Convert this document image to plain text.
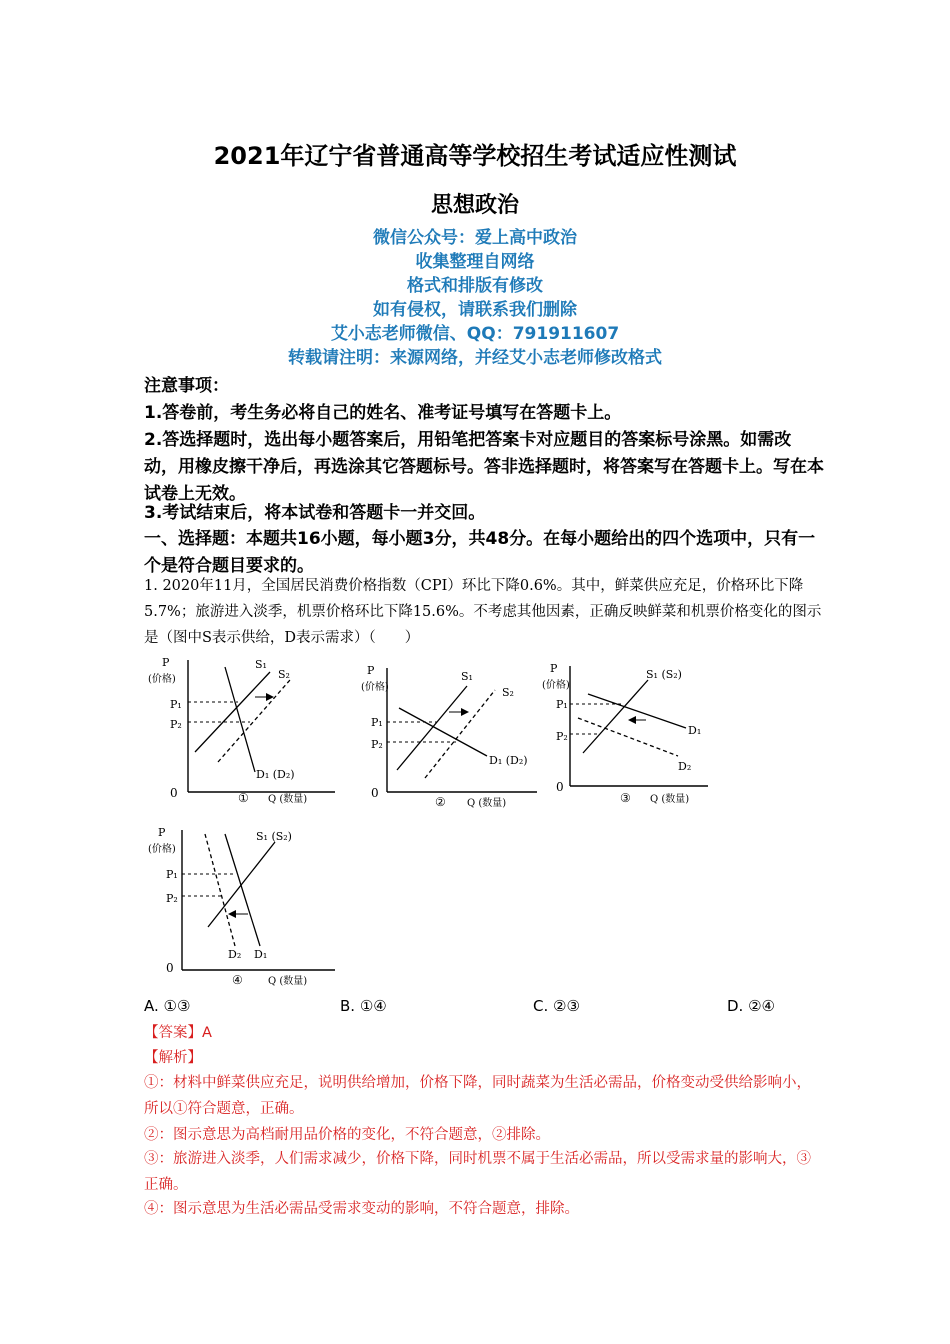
2021年辽宁省普通高等学校招生考试适应性测试
思想政治
微信公众号：爱上高中政治
收集整理自网络
格式和排版有修改
如有侵权，请联系我们删除
艾小志老师微信、QQ：791911607
转载请注明：来源网络，并经艾小志老师修改格式
注意事项：
1.答卷前，考生务必将自己的姓名、准考证号填写在答题卡上。
2.答选择题时，选出每小题答案后，用铅笔把答案卡对应题目的答案标号涂黑。如需改动，用橡皮擦干净后，再选涂其它答题标号。答非选择题时，将答案写在答题卡上。写在本试卷上无效。
3.考试结束后，将本试卷和答题卡一并交回。
一、选择题：本题共16小题，每小题3分，共48分。在每小题给出的四个选项中，只有一个是符合题目要求的。
1. 2020年11月，全国居民消费价格指数（CPI）环比下降0.6%。其中，鲜菜供应充足，价格环比下降5.7%；旅游进入淡季，机票价格环比下降15.6%。不考虑其他因素，正确反映鲜菜和机票价格变化的图示是（图中S表示供给，D表示需求）（　　）
P
(价格)
0
P₁
P₂
S₁
S₂
D₁ (D₂)
① Q (数量)
P
(价格)
0
P₁
P₂
S₁
S₂
D₁ (D₂)
② Q (数量)
P
(价格)
0
P₁
P₂
S₁ (S₂)
D₁
D₂
③ Q (数量)
P
(价格)
0
P₁
P₂
S₁ (S₂)
D₁
D₂
④	Q (数量)
A. ①③	B. ①④	C. ②③	D. ②④
【答案】A
【解析】
①：材料中鲜菜供应充足，说明供给增加，价格下降，同时蔬菜为生活必需品，价格变动受供给影响小，所以①符合题意，正确。
②：图示意思为高档耐用品价格的变化，不符合题意，②排除。
③：旅游进入淡季，人们需求减少，价格下降，同时机票不属于生活必需品，所以受需求量的影响大，③正确。
④：图示意思为生活必需品受需求变动的影响，不符合题意，排除。
